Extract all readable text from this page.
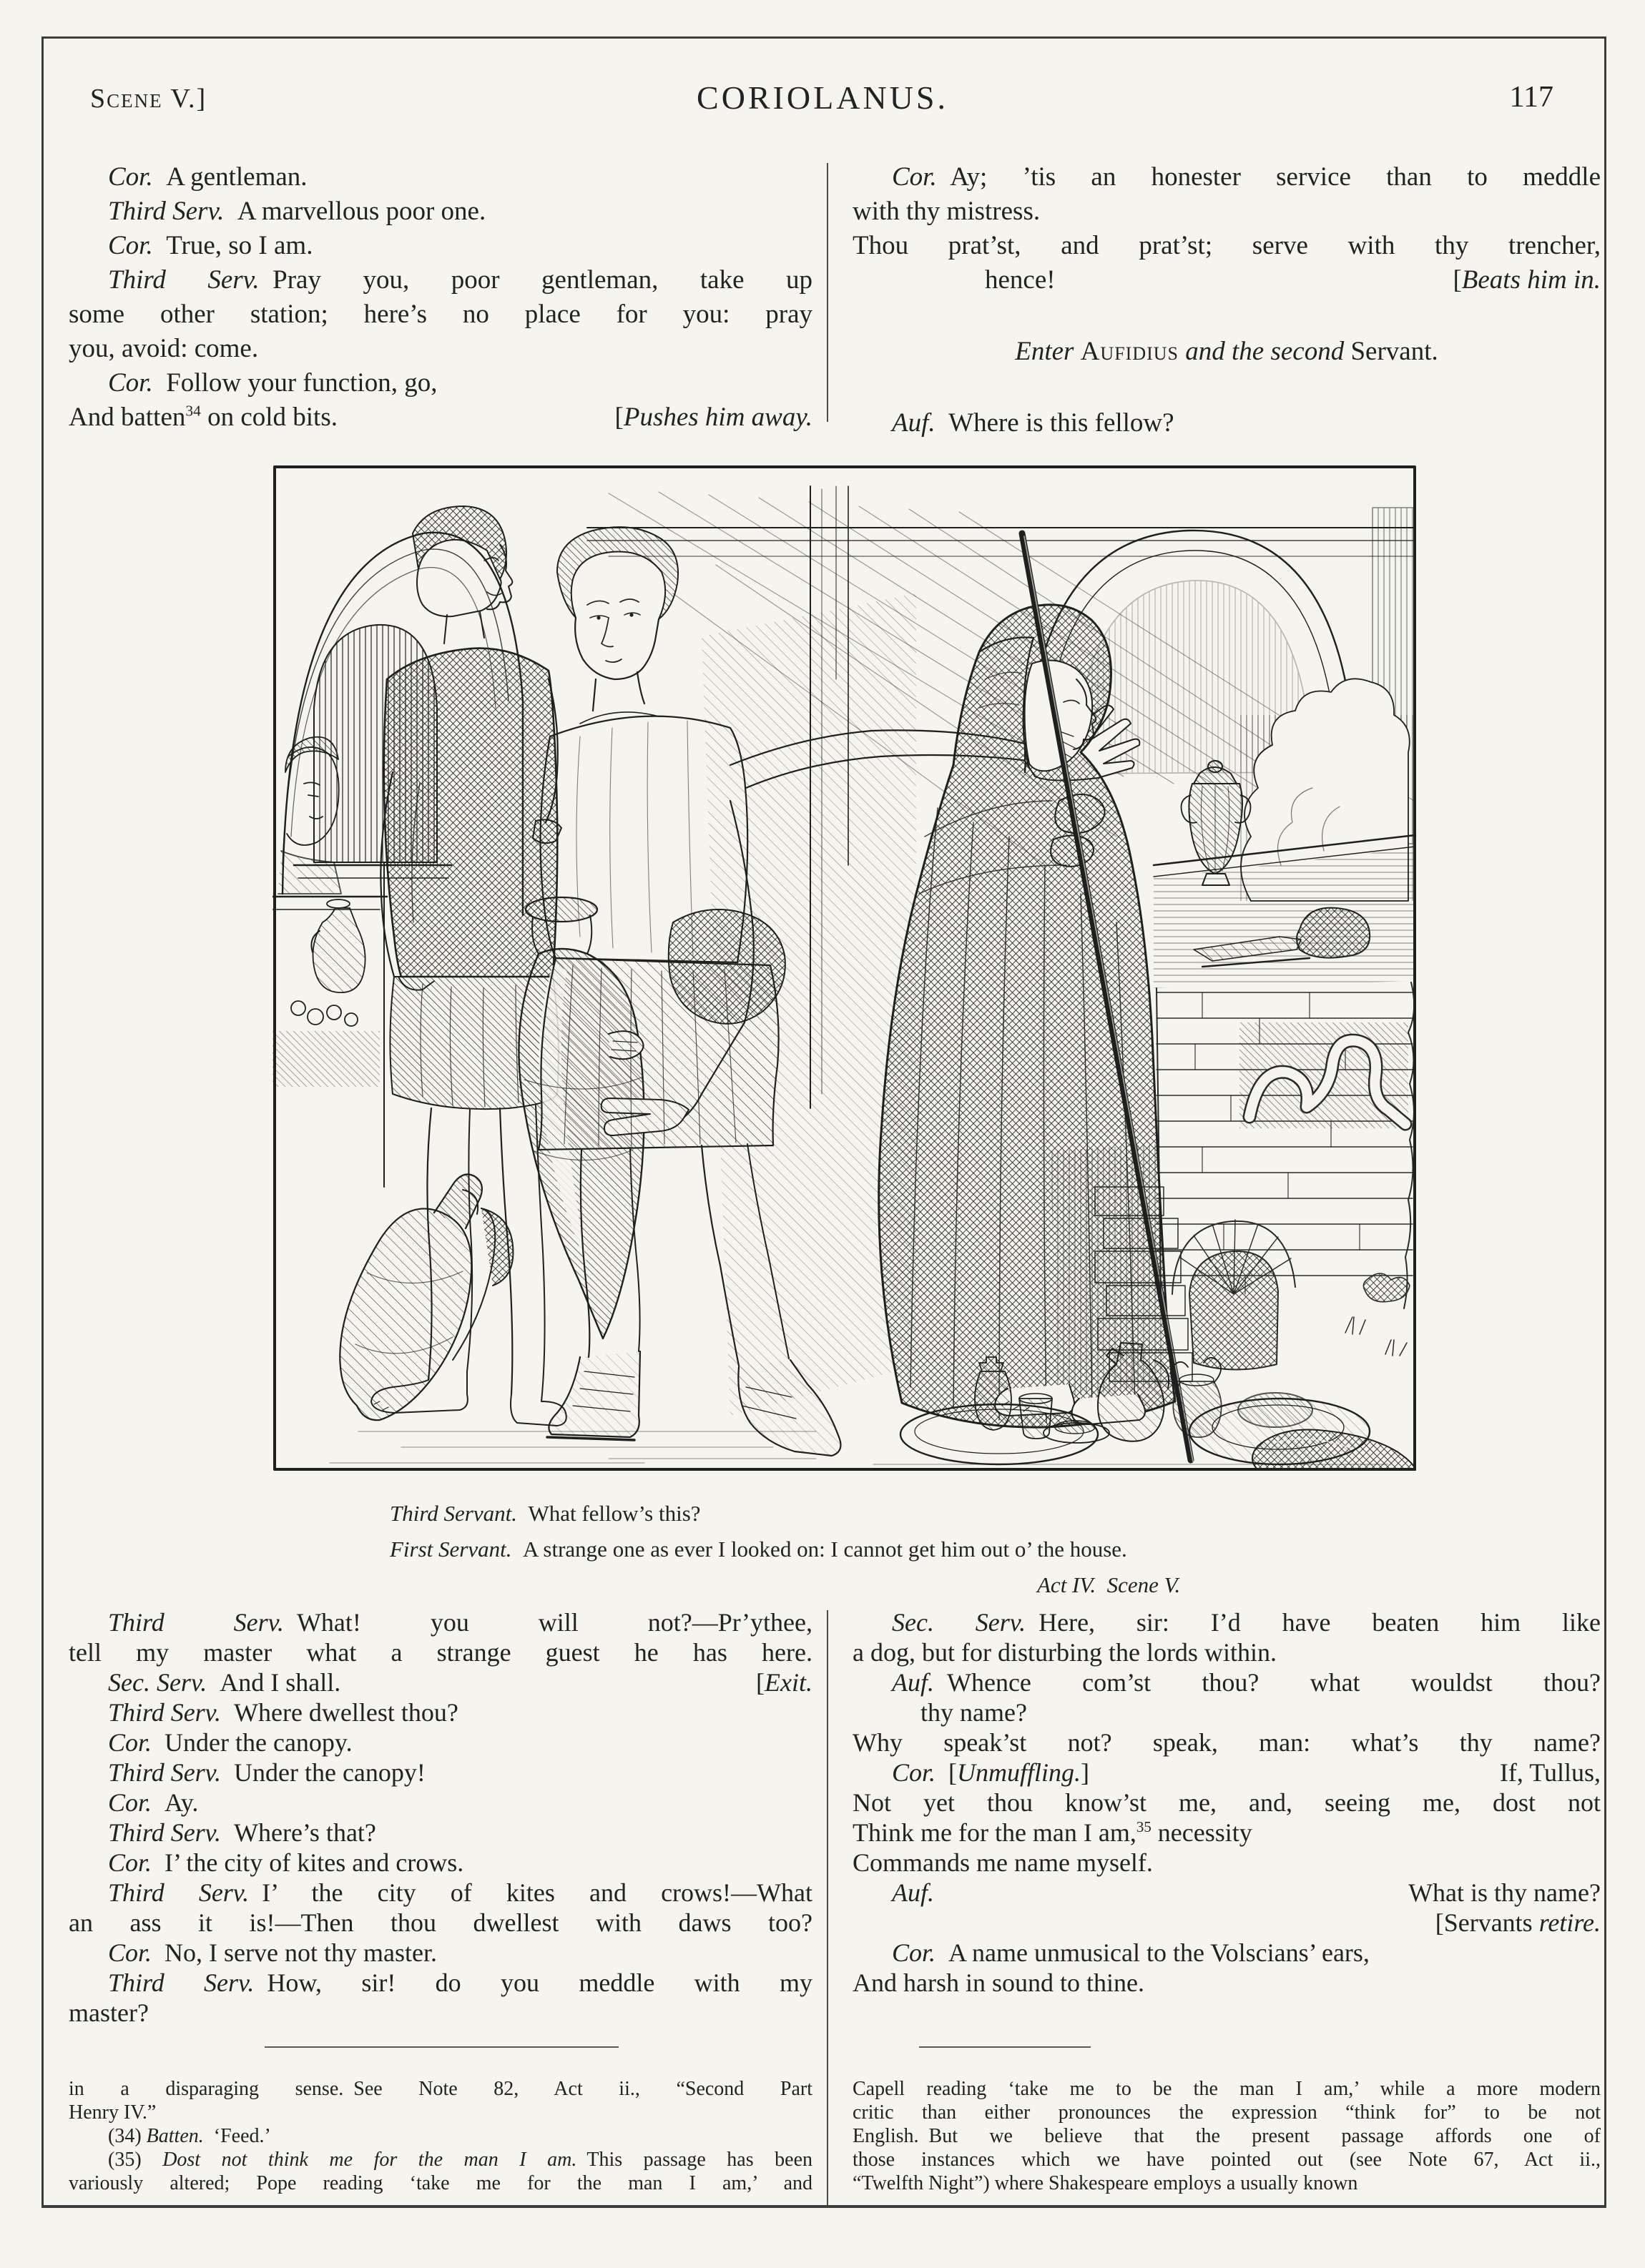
Scene V.]	CORIOLANUS.	117
Cor. A gentleman.
Third Serv. A marvellous poor one.
Cor. True, so I am.
Third Serv. Pray you, poor gentleman, take up
some other station; here’s no place for you: pray
you, avoid: come.
Cor. Follow your function, go,
And batten$^{34}$ on cold bits.	[Pushes him away.
Cor. Ay; ’tis an honester service than to meddle
with thy mistress.
Thou prat’st, and prat’st; serve with thy trencher,
hence!	[Beats him in.
Enter Aufidius and the second Servant.
Auf. Where is this fellow?
Third Servant. What fellow’s this?
First Servant. A strange one as ever I looked on: I cannot get him out o’ the house.
Act IV. Scene V.
Third Serv. What! you will not?—Pr’ythee,
tell my master what a strange guest he has here.
Sec. Serv. And I shall.	[Exit.
Third Serv. Where dwellest thou?
Cor. Under the canopy.
Third Serv. Under the canopy!
Cor. Ay.
Third Serv. Where’s that?
Cor. I’ the city of kites and crows.
Third Serv. I’ the city of kites and crows!—What
an ass it is!—Then thou dwellest with daws too?
Cor. No, I serve not thy master.
Third Serv. How, sir! do you meddle with my
master?
Sec. Serv. Here, sir: I’d have beaten him like
a dog, but for disturbing the lords within.
Auf. Whence com’st thou? what wouldst thou?
thy name?
Why speak’st not? speak, man: what’s thy name?
Cor. [Unmuffling.]	If, Tullus,
Not yet thou know’st me, and, seeing me, dost not
Think me for the man I am,$^{35}$ necessity
Commands me name myself.
Auf.	What is thy name?
[Servants retire.
Cor. A name unmusical to the Volscians’ ears,
And harsh in sound to thine.
in a disparaging sense. See Note 82, Act ii., “Second Part
Henry IV.”
(34) Batten. ‘Feed.’
(35) Dost not think me for the man I am. This passage has been
variously altered; Pope reading ‘take me for the man I am,’ and
Capell reading ‘take me to be the man I am,’ while a more modern
critic than either pronounces the expression “think for” to be not
English. But we believe that the present passage affords one of
those instances which we have pointed out (see Note 67, Act ii.,
“Twelfth Night”) where Shakespeare employs a usually known
